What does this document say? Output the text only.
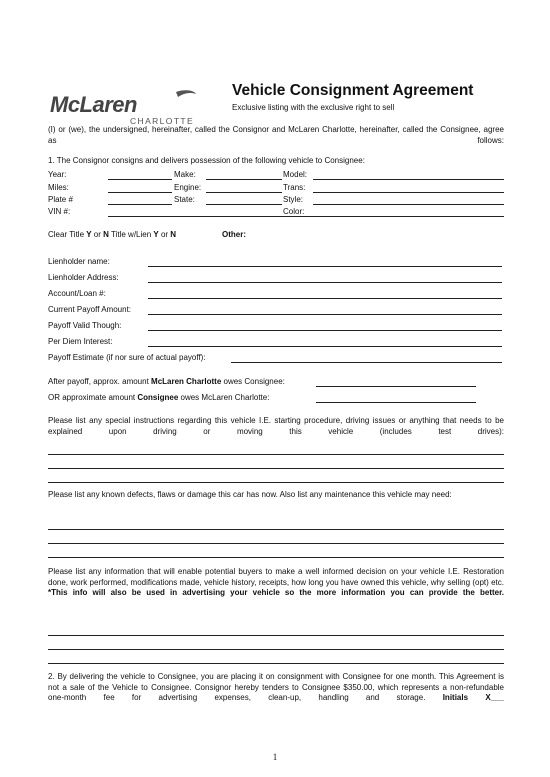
McLaren
CHARLOTTE
Vehicle Consignment Agreement
Exclusive listing with the exclusive right to sell
(I) or (we), the undersigned, hereinafter, called the Consignor and McLaren Charlotte, hereinafter, called the Consignee, agree as follows:
1. The Consignor consigns and delivers possession of the following vehicle to Consignee:
Year:	Make:	Model:
Miles:	Engine:	Trans:
Plate #	State:	Style:
VIN #:	Color:
Clear Title Y or N Title w/Lien Y or N	Other:
Lienholder name:
Lienholder Address:
Account/Loan #:
Current Payoff Amount:
Payoff Valid Though:
Per Diem Interest:
Payoff Estimate (if nor sure of actual payoff):
After payoff, approx. amount McLaren Charlotte owes Consignee:
OR approximate amount Consignee owes McLaren Charlotte:
Please list any special instructions regarding this vehicle I.E. starting procedure, driving issues or anything that needs to be explained upon driving or moving this vehicle (includes test drives):
Please list any known defects, flaws or damage this car has now. Also list any maintenance this vehicle may need:
Please list any information that will enable potential buyers to make a well informed decision on your vehicle I.E. Restoration done, work performed, modifications made, vehicle history, receipts, how long you have owned this vehicle, why selling (opt) etc. *This info will also be used in advertising your vehicle so the more information you can provide the better.
2. By delivering the vehicle to Consignee, you are placing it on consignment with Consignee for one month. This Agreement is not a sale of the Vehicle to Consignee. Consignor hereby tenders to Consignee $350.00, which represents a non-refundable one-month fee for advertising expenses, clean-up, handling and storage. Initials X___
1
